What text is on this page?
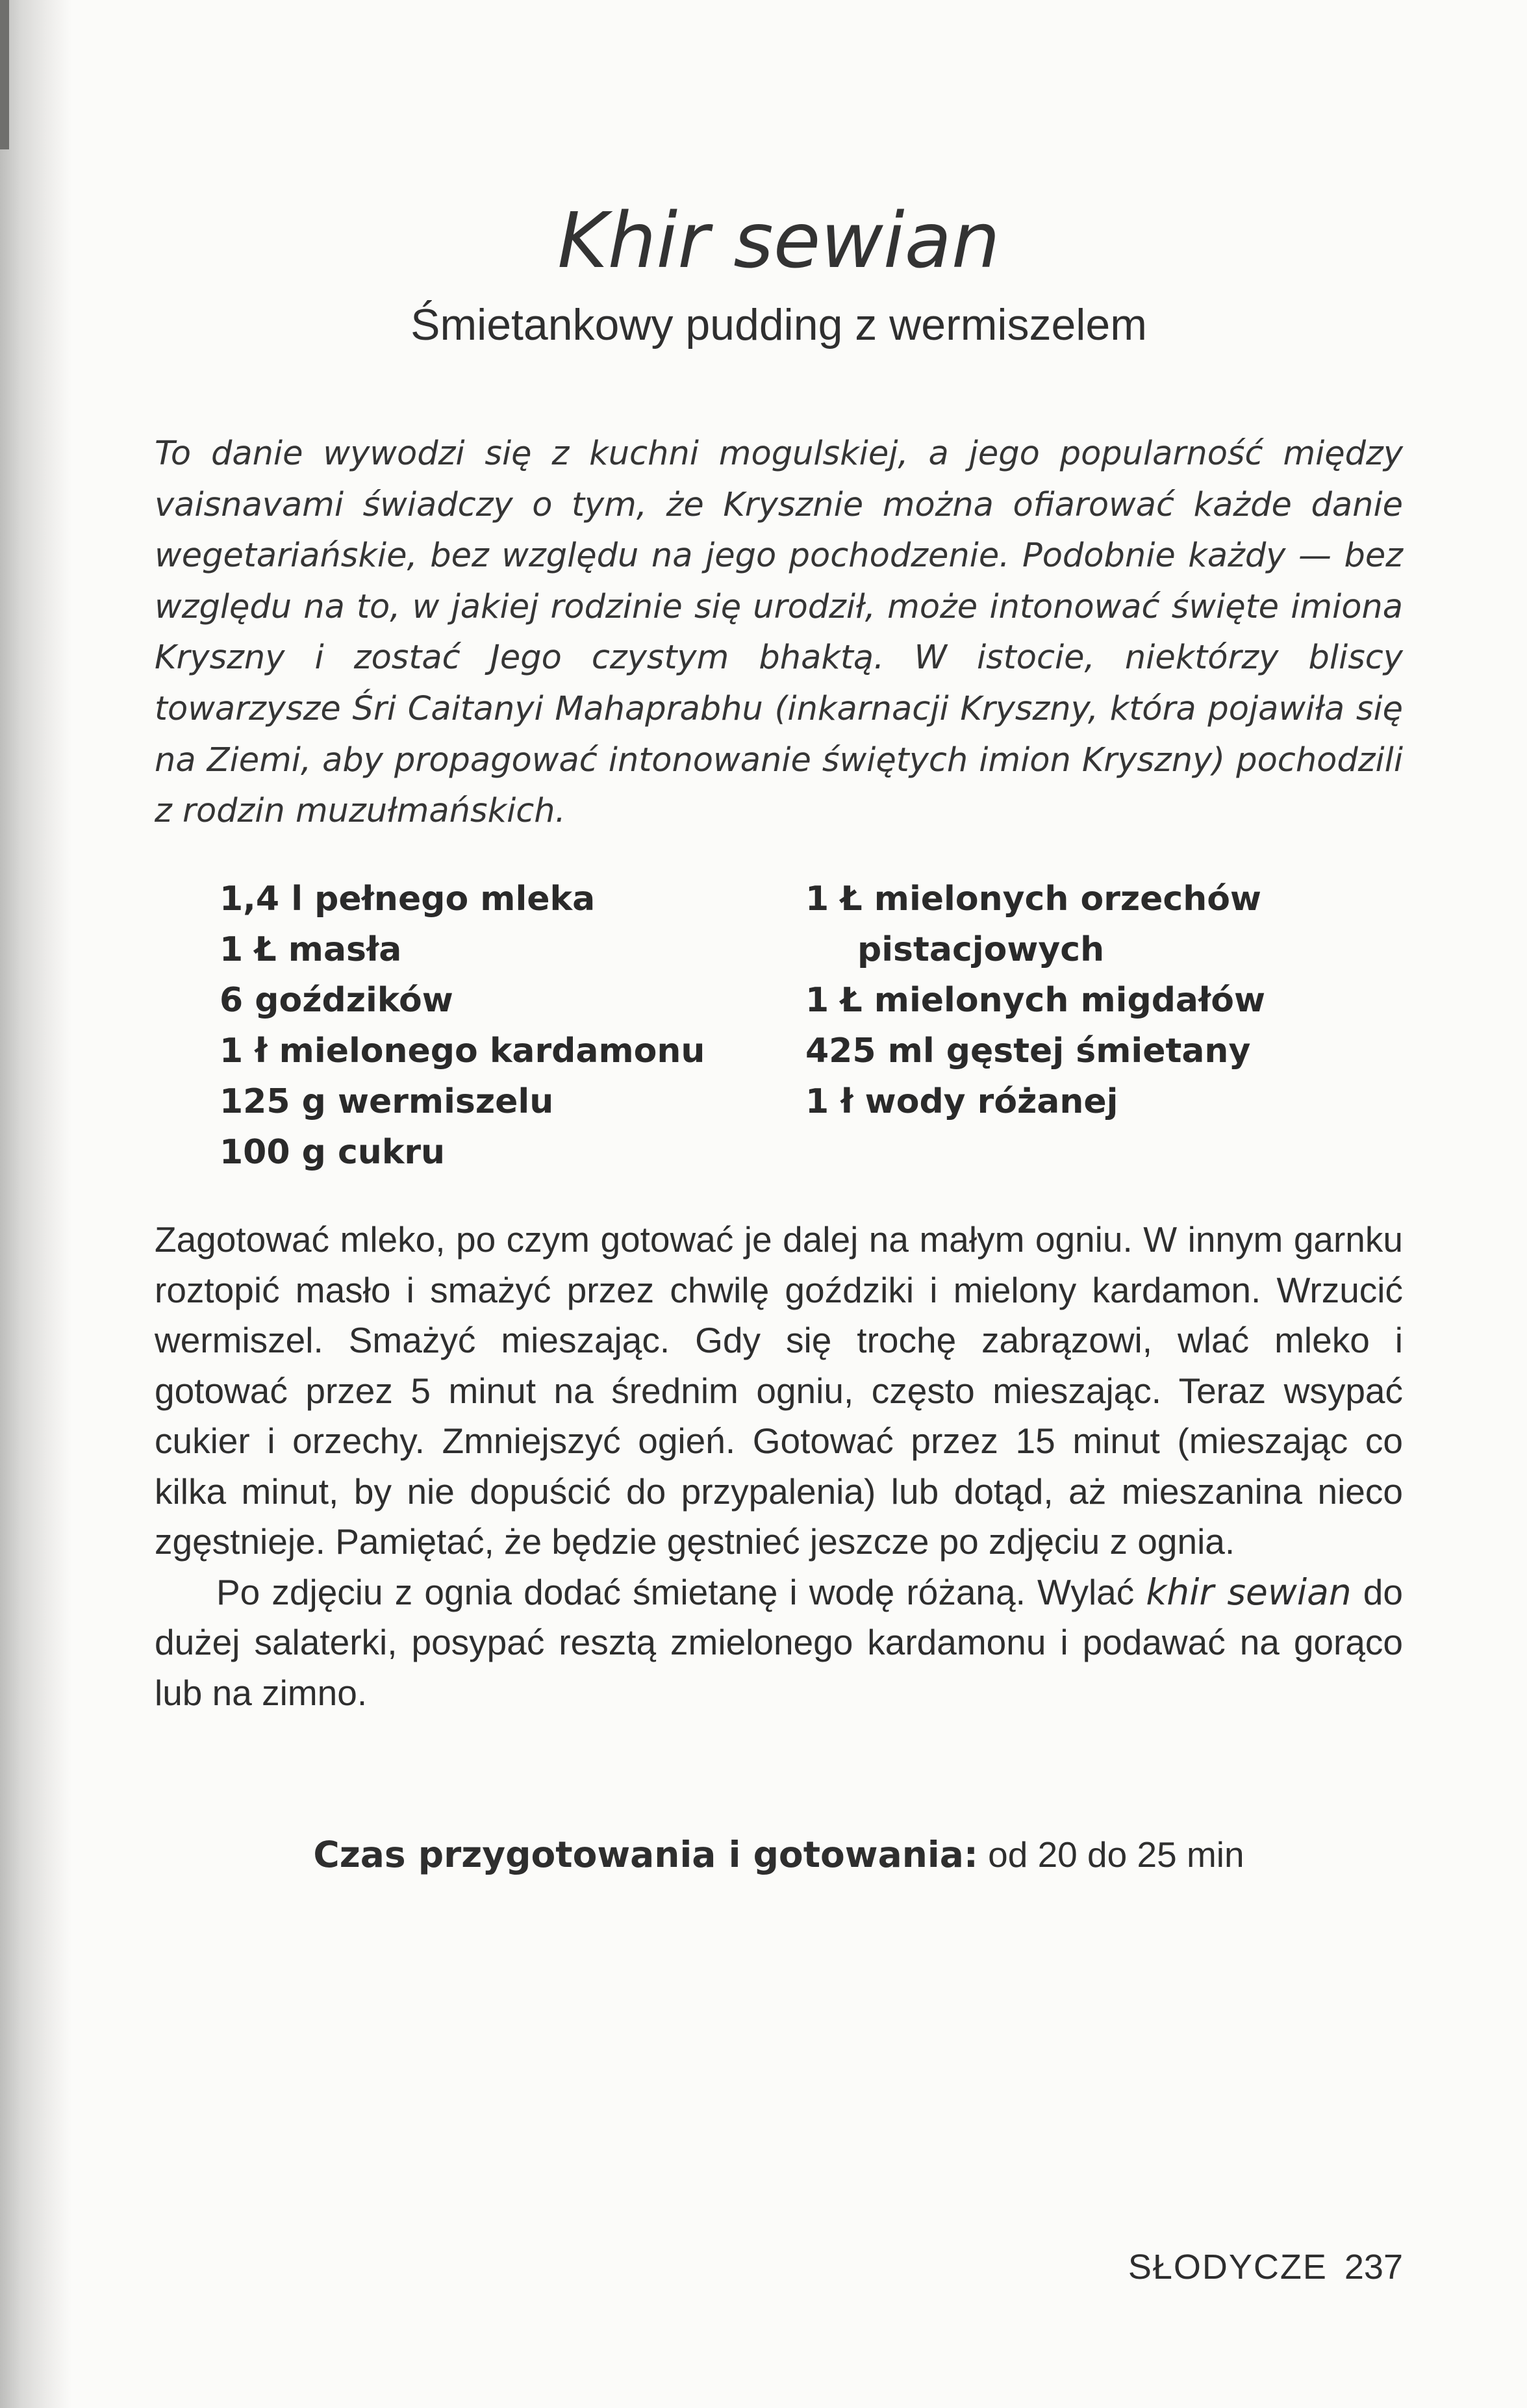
Khir sewian
Śmietankowy pudding z wermiszelem

To danie wywodzi się z kuchni mogulskiej, a jego popularność między vaisnavami świadczy o tym, że Krysznie można ofiarować każde danie wegetariańskie, bez względu na jego pochodzenie. Podobnie każdy — bez względu na to, w jakiej rodzinie się urodził, może intonować święte imiona Kryszny i zostać Jego czystym bhaktą. W istocie, niektórzy bliscy towarzysze Śri Caitanyi Mahaprabhu (inkarnacji Kryszny, która pojawiła się na Ziemi, aby propagować intonowanie świętych imion Kryszny) pochodzili z rodzin muzułmańskich.

1,4 l pełnego mleka
1 Ł masła
6 goździków
1 ł mielonego kardamonu
125 g wermiszelu
100 g cukru
1 Ł mielonych orzechów
pistacjowych
1 Ł mielonych migdałów
425 ml gęstej śmietany
1 ł wody różanej

Zagotować mleko, po czym gotować je dalej na małym ogniu. W innym garnku roztopić masło i smażyć przez chwilę goździki i mielony kardamon. Wrzucić wermiszel. Smażyć mieszając. Gdy się trochę zabrązowi, wlać mleko i gotować przez 5 minut na średnim ogniu, często mieszając. Teraz wsypać cukier i orzechy. Zmniejszyć ogień. Gotować przez 15 minut (mieszając co kilka minut, by nie dopuścić do przypalenia) lub dotąd, aż mieszanina nieco zgęstnieje. Pamiętać, że będzie gęstnieć jeszcze po zdjęciu z ognia.

Po zdjęciu z ognia dodać śmietanę i wodę różaną. Wylać khir sewian do dużej salaterki, posypać resztą zmielonego kardamonu i podawać na gorąco lub na zimno.

Czas przygotowania i gotowania: od 20 do 25 min
SŁODYCZE 237
